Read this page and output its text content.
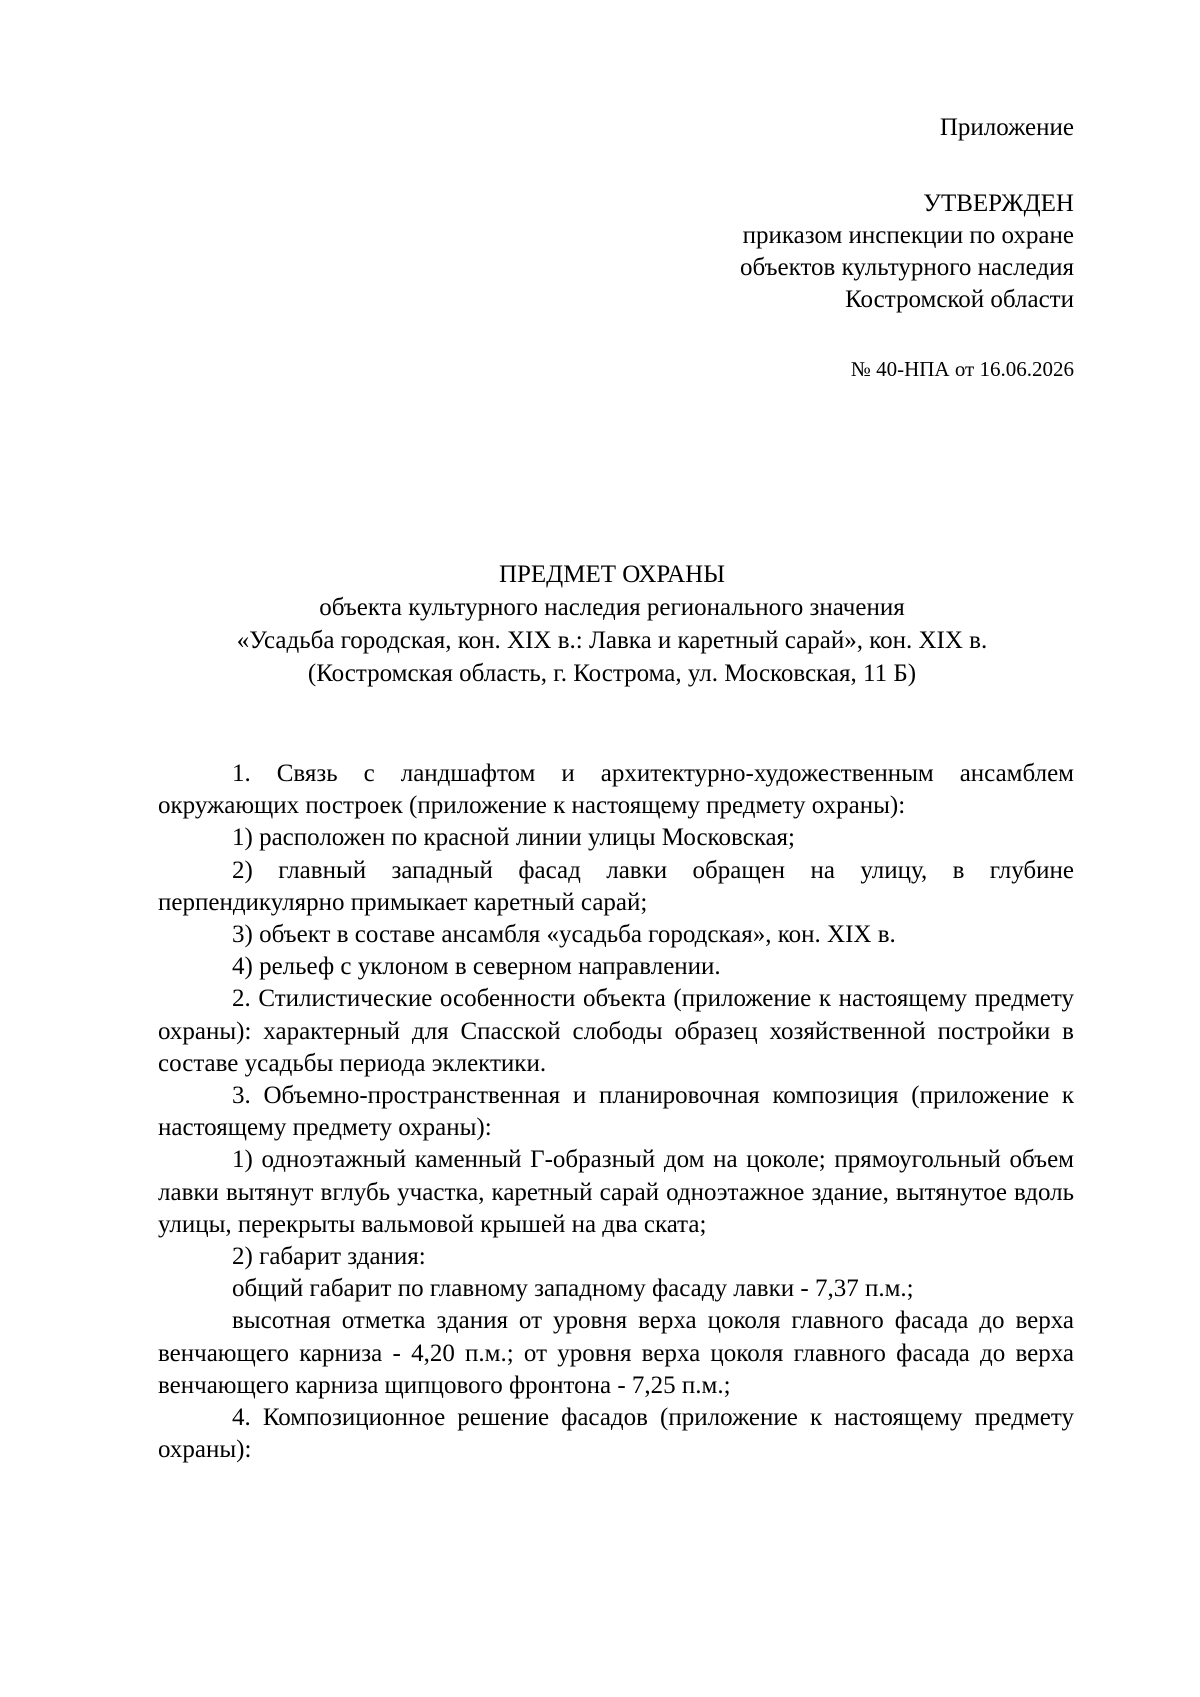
Приложение
УТВЕРЖДЕН
приказом инспекции по охране
объектов культурного наследия
Костромской области
№ 40-НПА от 16.06.2026
ПРЕДМЕТ ОХРАНЫ
объекта культурного наследия регионального значения
«Усадьба городская, кон. XIX в.: Лавка и каретный сарай», кон. XIX в.
(Костромская область, г. Кострома, ул. Московская, 11 Б)

1. Связь с ландшафтом и архитектурно-художественным ансамблем окружающих построек (приложение к настоящему предмету охраны):

1) расположен по красной линии улицы Московская;

2) главный западный фасад лавки обращен на улицу, в глубине перпендикулярно примыкает каретный сарай;

3) объект в составе ансамбля «усадьба городская», кон. XIX в.

4) рельеф с уклоном в северном направлении.

2. Стилистические особенности объекта (приложение к настоящему предмету охраны): характерный для Спасской слободы образец хозяйственной постройки в составе усадьбы периода эклектики.

3. Объемно-пространственная и планировочная композиция (приложение к настоящему предмету охраны):

1) одноэтажный каменный Г-образный дом на цоколе; прямоугольный объем лавки вытянут вглубь участка, каретный сарай одноэтажное здание, вытянутое вдоль улицы, перекрыты вальмовой крышей на два ската;

2) габарит здания:

общий габарит по главному западному фасаду лавки - 7,37 п.м.;

высотная отметка здания от уровня верха цоколя главного фасада до верха венчающего карниза - 4,20 п.м.; от уровня верха цоколя главного фасада до верха венчающего карниза щипцового фронтона - 7,25 п.м.;

4. Композиционное решение фасадов (приложение к настоящему предмету охраны):
